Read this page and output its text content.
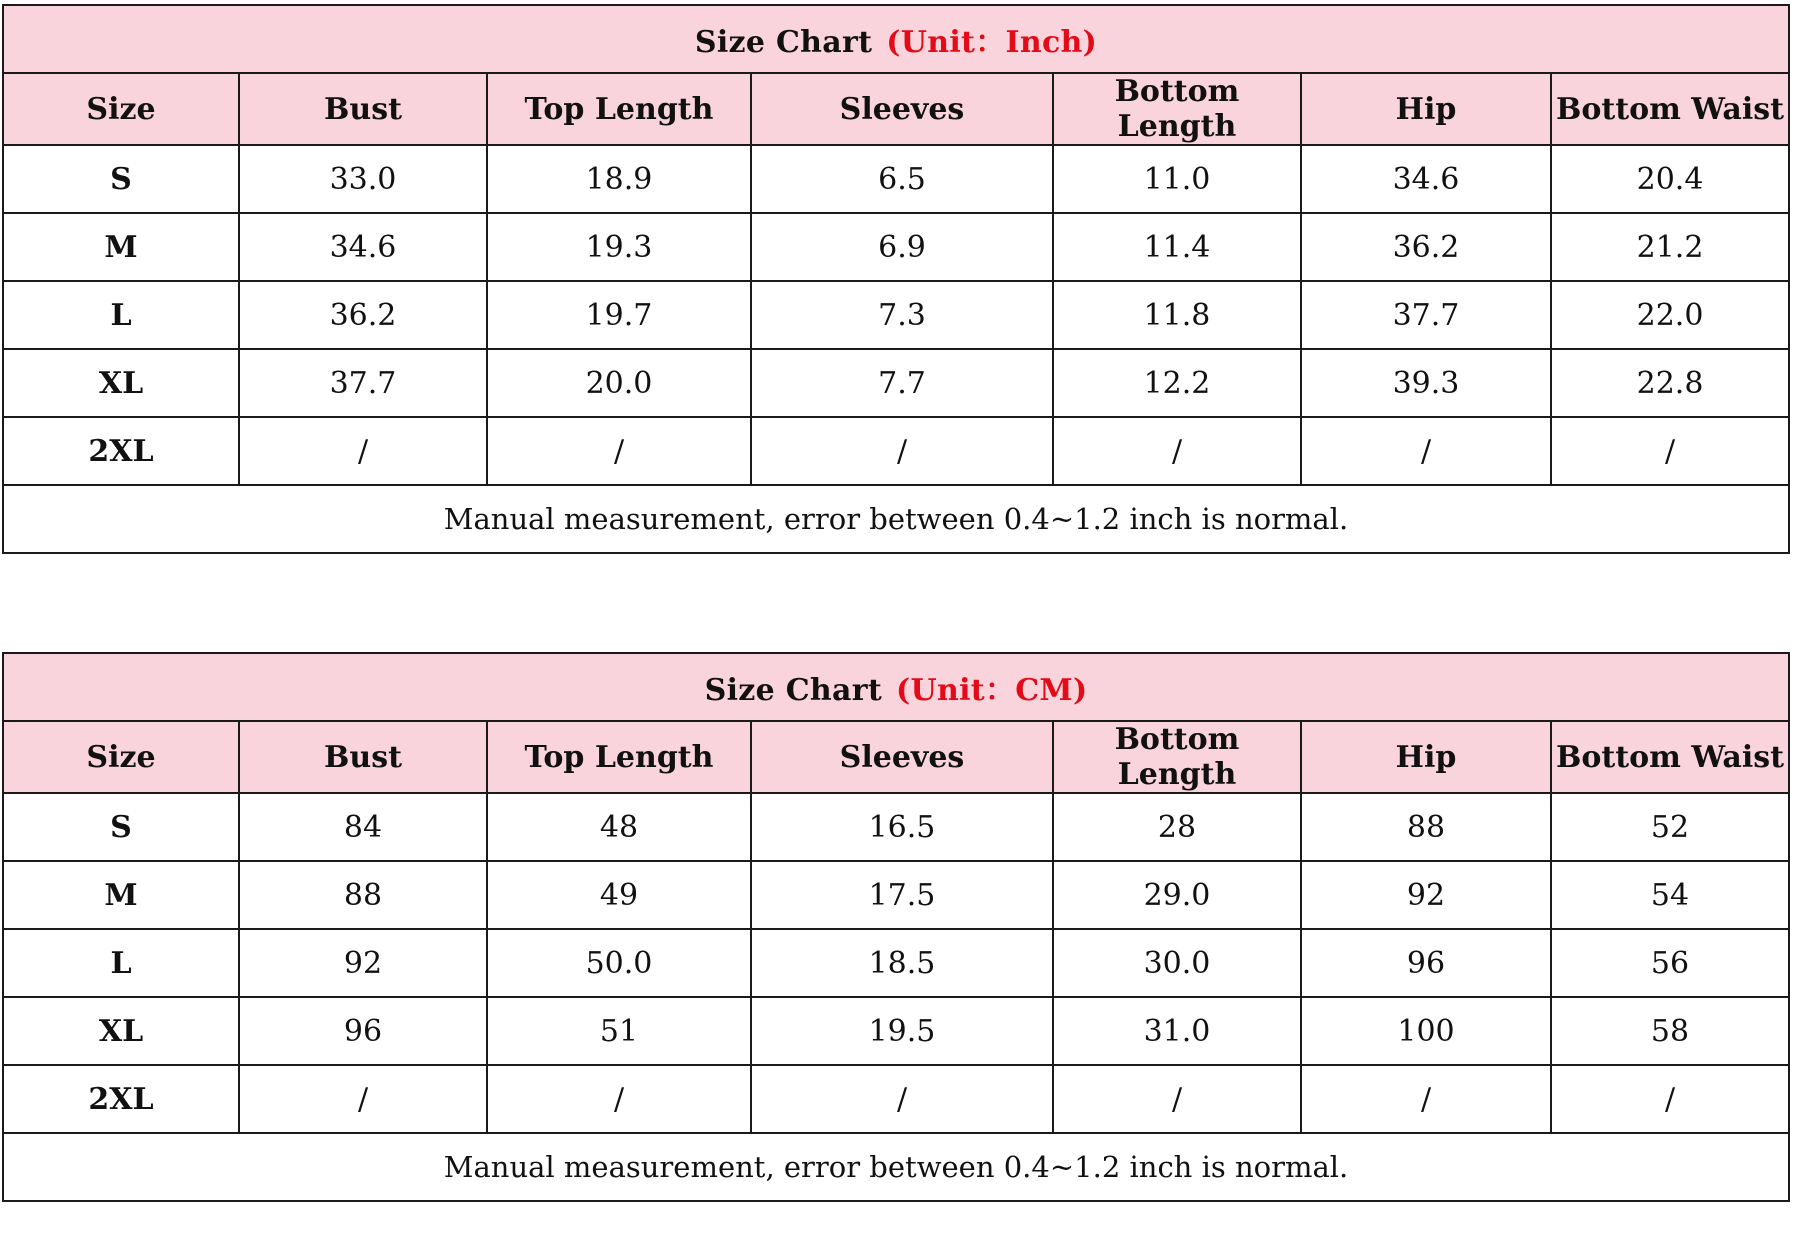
Size Chart (Unit：Inch)						
Size	Bust	Top Length	Sleeves	Bottom Length	Hip	Bottom Waist
S	33.0	18.9	6.5	11.0	34.6	20.4
M	34.6	19.3	6.9	11.4	36.2	21.2
L	36.2	19.7	7.3	11.8	37.7	22.0
XL	37.7	20.0	7.7	12.2	39.3	22.8
2XL	/	/	/	/	/	/
Manual measurement, error between 0.4~1.2 inch is normal.						
Size Chart (Unit：CM)						
Size	Bust	Top Length	Sleeves	Bottom Length	Hip	Bottom Waist
S	84	48	16.5	28	88	52
M	88	49	17.5	29.0	92	54
L	92	50.0	18.5	30.0	96	56
XL	96	51	19.5	31.0	100	58
2XL	/	/	/	/	/	/
Manual measurement, error between 0.4~1.2 inch is normal.						
